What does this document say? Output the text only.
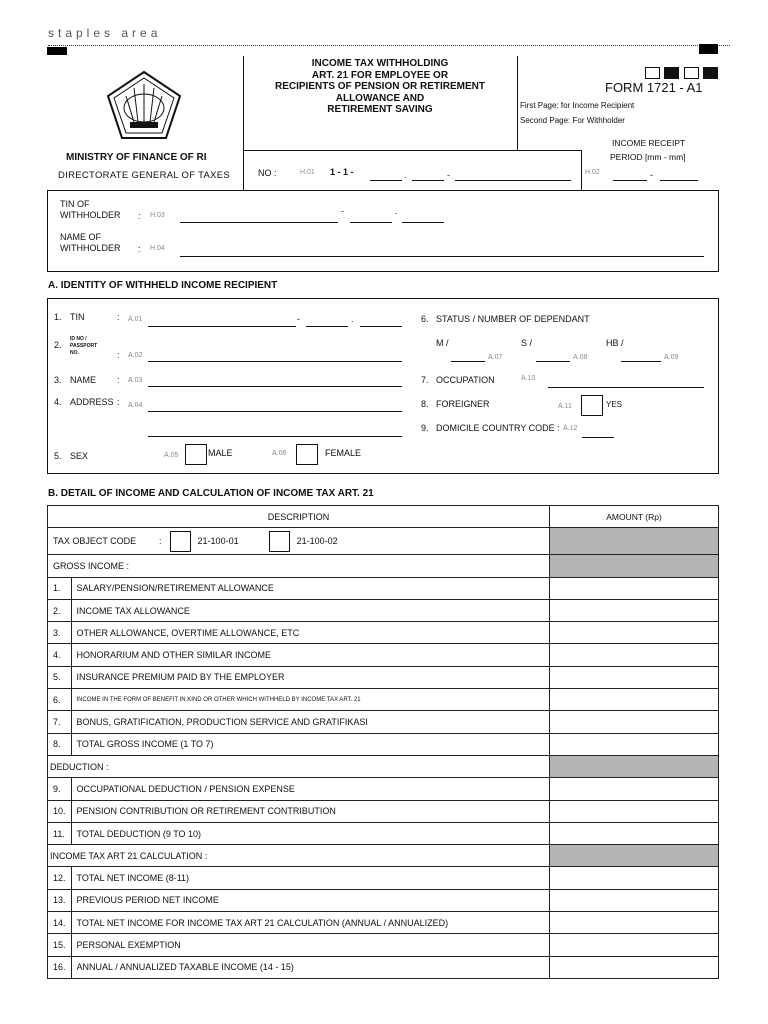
staples area
MINISTRY OF FINANCE OF RI
DIRECTORATE GENERAL OF TAXES
INCOME TAX WITHHOLDING
ART. 21 FOR EMPLOYEE OR
RECIPIENTS OF PENSION OR RETIREMENT
ALLOWANCE AND
RETIREMENT SAVING

FORM 1721 - A1
First Page: for Income Recipient
Second Page: For Withholder
INCOME RECEIPT
PERIOD [mm - mm]
NO :	H.01 1 - 1 -	.	-	H.02	-
TIN OF
WITHHOLDER : H.03	-	.
NAME OF
WITHHOLDER : H.04
A. IDENTITY OF WITHHELD INCOME RECIPIENT
1. TIN	: A.01	-	.
2.
ID NO /
PASSPORT
NO.	: A.02
3. NAME : A.03
4. ADDRESS : A.04
5. SEX	A.05	MALE	A.06	FEMALE
6. STATUS / NUMBER OF DEPENDANT
M /
A.07
S /
A.08
HB /
A.09
7. OCCUPATION	A.10
8. FOREIGNER	A.11	YES
9. DOMICILE COUNTRY CODE : A.12
B. DETAIL OF INCOME AND CALCULATION OF INCOME TAX ART. 21
DESCRIPTION		AMOUNT (Rp)
TAX OBJECT CODE : 21-100-01 21-100-02		
GROSS INCOME :		
1.	SALARY/PENSION/RETIREMENT ALLOWANCE	
2.	INCOME TAX ALLOWANCE	
3.	OTHER ALLOWANCE, OVERTIME ALLOWANCE, ETC	
4.	HONORARIUM AND OTHER SIMILAR INCOME	
5.	INSURANCE PREMIUM PAID BY THE EMPLOYER	
6.	INCOME IN THE FORM OF BENEFIT IN KIND OR OTHER WHICH WITHHELD BY INCOME TAX ART. 21	
7.	BONUS, GRATIFICATION, PRODUCTION SERVICE AND GRATIFIKASI	
8.	TOTAL GROSS INCOME (1 TO 7)	
DEDUCTION :		
9.	OCCUPATIONAL DEDUCTION / PENSION EXPENSE	
10.	PENSION CONTRIBUTION OR RETIREMENT CONTRIBUTION	
11.	TOTAL DEDUCTION (9 TO 10)	
INCOME TAX ART 21 CALCULATION :		
12.	TOTAL NET INCOME (8-11)	
13.	PREVIOUS PERIOD NET INCOME	
14.	TOTAL NET INCOME FOR INCOME TAX ART 21 CALCULATION (ANNUAL / ANNUALIZED)	
15.	PERSONAL EXEMPTION	
16.	ANNUAL / ANNUALIZED TAXABLE INCOME (14 - 15)	
